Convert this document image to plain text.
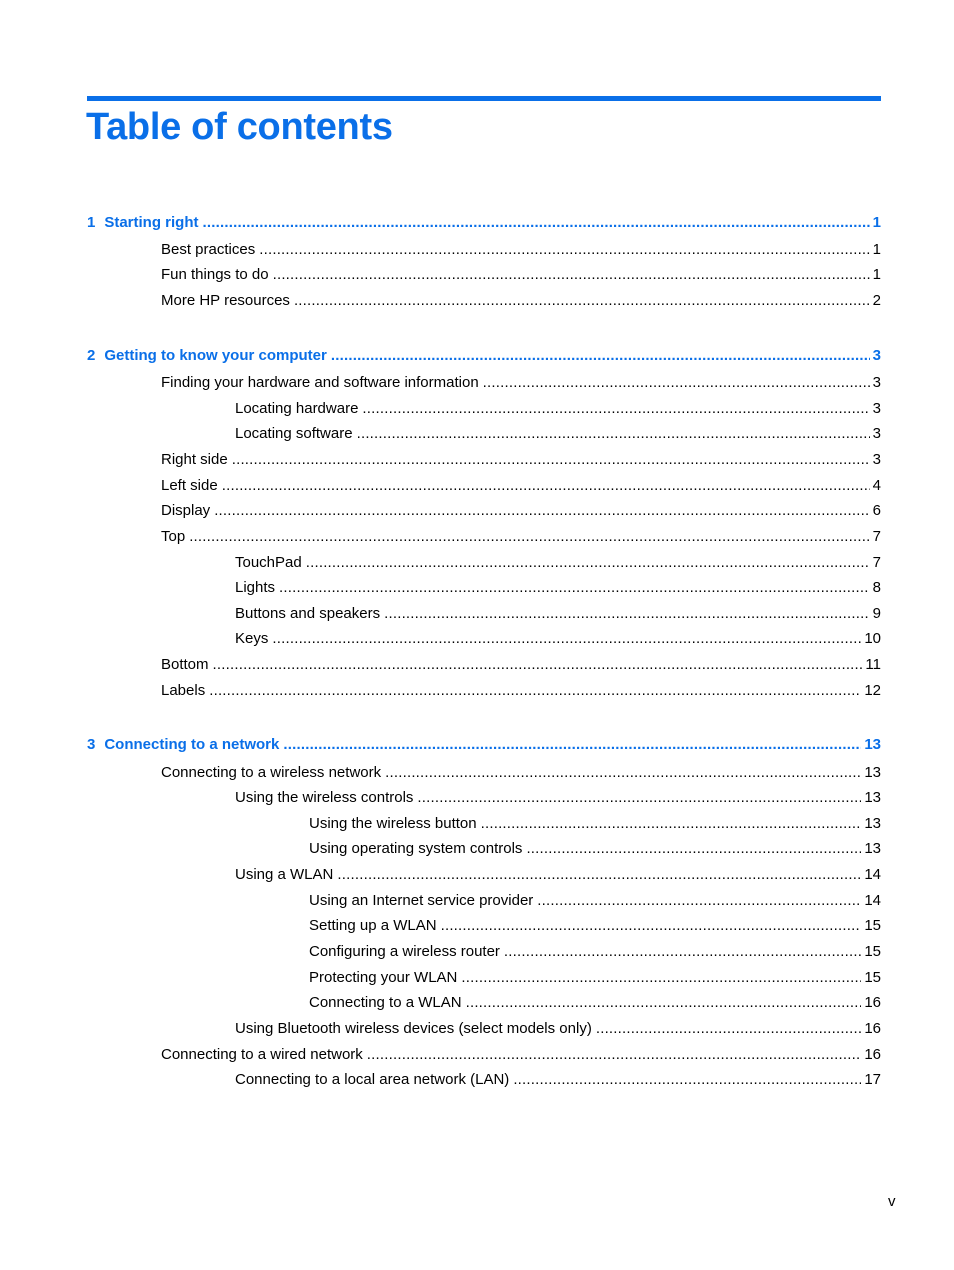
Table of contents
1 Starting right .....	1
Best practices .....	1
Fun things to do .....	1
More HP resources .....	2
2 Getting to know your computer .....	3
Finding your hardware and software information .....	3
Locating hardware .....	3
Locating software .....	3
Right side .....	3
Left side .....	4
Display .....	6
Top .....	7
TouchPad .....	7
Lights .....	8
Buttons and speakers .....	9
Keys .....	10
Bottom .....	11
Labels .....	12
3 Connecting to a network .....	13
Connecting to a wireless network .....	13
Using the wireless controls .....	13
Using the wireless button .....	13
Using operating system controls .....	13
Using a WLAN .....	14
Using an Internet service provider .....	14
Setting up a WLAN .....	15
Configuring a wireless router .....	15
Protecting your WLAN .....	15
Connecting to a WLAN .....	16
Using Bluetooth wireless devices (select models only) .....	16
Connecting to a wired network .....	16
Connecting to a local area network (LAN) .....	17
v
